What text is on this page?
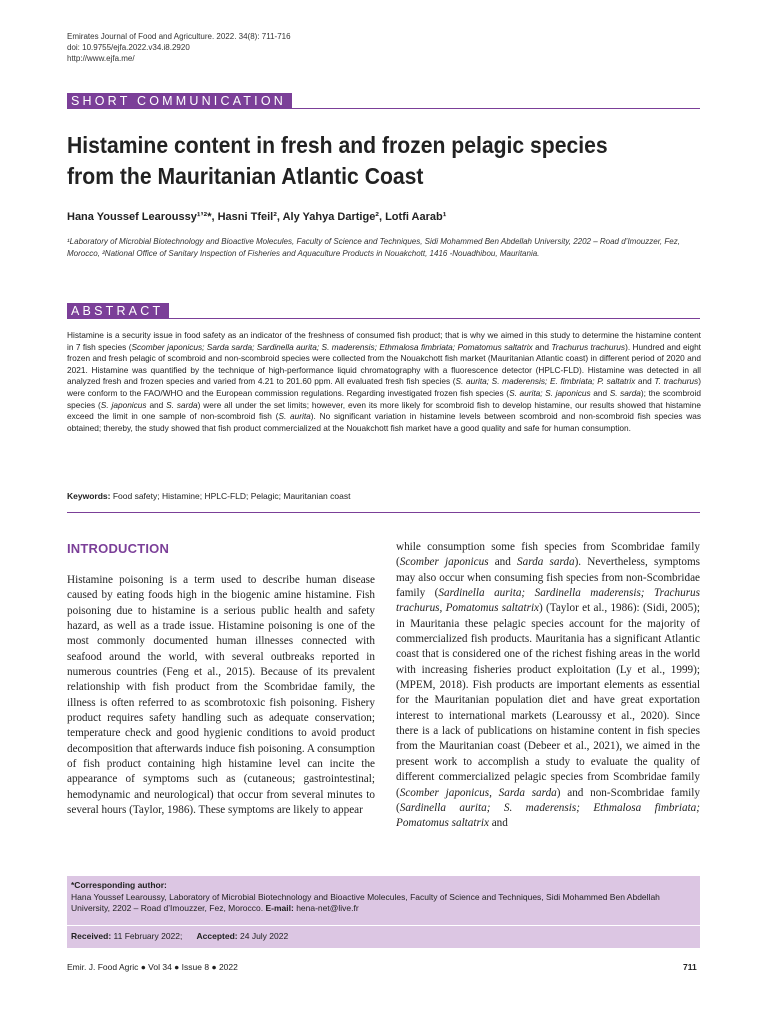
Emirates Journal of Food and Agriculture. 2022. 34(8): 711-716
doi: 10.9755/ejfa.2022.v34.i8.2920
http://www.ejfa.me/
SHORT COMMUNICATION
Histamine content in fresh and frozen pelagic species from the Mauritanian Atlantic Coast
Hana Youssef Learoussy¹ʼ²*, Hasni Tfeil², Aly Yahya Dartige², Lotfi Aarab¹
¹Laboratory of Microbial Biotechnology and Bioactive Molecules, Faculty of Science and Techniques, Sidi Mohammed Ben Abdellah University, 2202 – Road d’Imouzzer, Fez, Morocco, ²National Office of Sanitary Inspection of Fisheries and Aquaculture Products in Nouakchott, 1416 -Nouadhibou, Mauritania.
ABSTRACT
Histamine is a security issue in food safety as an indicator of the freshness of consumed fish product; that is why we aimed in this study to determine the histamine content in 7 fish species (Scomber japonicus; Sarda sarda; Sardinella aurita; S. maderensis; Ethmalosa fimbriata; Pomatomus saltatrix and Trachurus trachurus). Hundred and eight frozen and fresh pelagic of scombroid and non-scombroid species were collected from the Nouakchott fish market (Mauritanian Atlantic coast) in different period of 2020 and 2021. Histamine was quantified by the technique of high-performance liquid chromatography with a fluorescence detector (HPLC-FLD). Histamine was detected in all analyzed fresh and frozen species and varied from 4.21 to 201.60 ppm. All evaluated fresh fish species (S. aurita; S. maderensis; E. fimbriata; P. saltatrix and T. trachurus) were conform to the FAO/WHO and the European commission regulations. Regarding investigated frozen fish species (S. aurita; S. japonicus and S. sarda); the scombroid species (S. japonicus and S. sarda) were all under the set limits; however, even its more likely for scombroid fish to develop histamine, our results showed that histamine exceed the limit in one sample of non-scombroid fish (S. aurita). No significant variation in histamine levels between scombroid and non-scombroid fish species was obtained; thereby, the study showed that fish product commercialized at the Nouakchott fish market have a good quality and safe for human consumption.
Keywords: Food safety; Histamine; HPLC-FLD; Pelagic; Mauritanian coast
INTRODUCTION
Histamine poisoning is a term used to describe human disease caused by eating foods high in the biogenic amine histamine. Fish poisoning due to histamine is a serious public health and safety hazard, as well as a trade issue. Histamine poisoning is one of the most commonly documented human illnesses connected with seafood around the world, with several outbreaks reported in numerous countries (Feng et al., 2015). Because of its prevalent relationship with fish product from the Scombridae family, the illness is often referred to as scombrotoxic fish poisoning. Fishery product requires safety handling such as adequate conservation; temperature check and good hygienic conditions to avoid product decomposition that afterwards induce fish poisoning. A consumption of fish product containing high histamine level can incite the appearance of symptoms such as (cutaneous; gastrointestinal; hemodynamic and neurological) that occur from several minutes to several hours (Taylor, 1986). These symptoms are likely to appear
while consumption some fish species from Scombridae family (Scomber japonicus and Sarda sarda). Nevertheless, symptoms may also occur when consuming fish species from non-Scombridae family (Sardinella aurita; Sardinella maderensis; Trachurus trachurus, Pomatomus saltatrix) (Taylor et al., 1986): (Sidi, 2005); in Mauritania these pelagic species account for the majority of commercialized fish products. Mauritania has a significant Atlantic coast that is considered one of the richest fishing areas in the world with increasing fisheries product exploitation (Ly et al., 1999); (MPEM, 2018). Fish products are important elements as essential for the Mauritanian population diet and have great exportation interest to international markets (Learoussy et al., 2020). Since there is a lack of publications on histamine content in fish species from the Mauritanian coast (Debeer et al., 2021), we aimed in the present work to accomplish a study to evaluate the quality of different commercialized pelagic species from Scombridae family (Scomber japonicus, Sarda sarda) and non-Scombridae family (Sardinella aurita; S. maderensis; Ethmalosa fimbriata; Pomatomus saltatrix and
*Corresponding author:
Hana Youssef Learoussy, Laboratory of Microbial Biotechnology and Bioactive Molecules, Faculty of Science and Techniques, Sidi Mohammed Ben Abdellah University, 2202 – Road d’Imouzzer, Fez, Morocco. E-mail: hena-net@live.fr
Received: 11 February 2022; Accepted: 24 July 2022
Emir. J. Food Agric ● Vol 34 ● Issue 8 ● 2022	711
